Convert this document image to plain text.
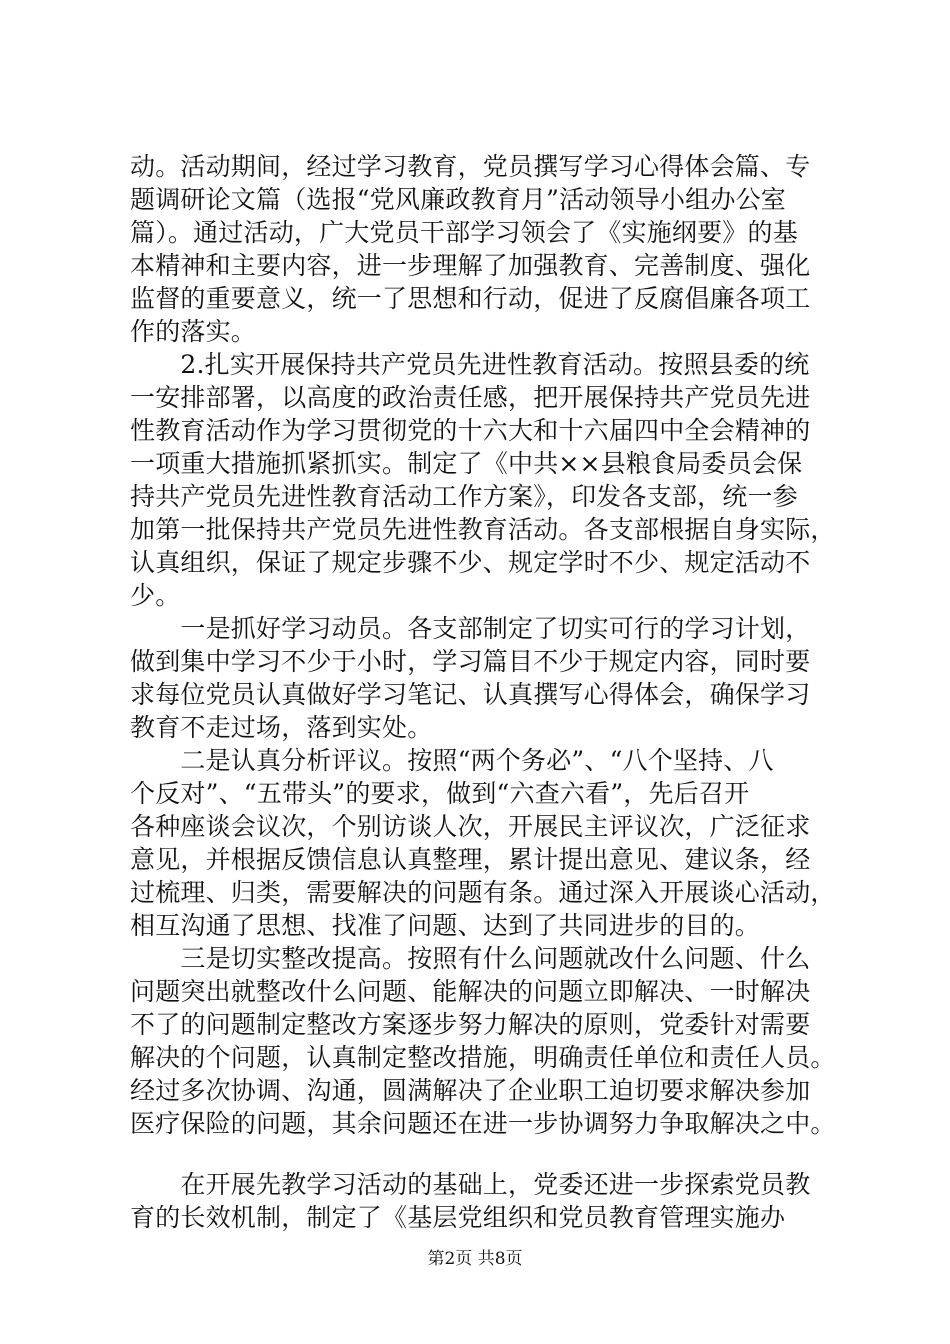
动。活动期间，经过学习教育，党员撰写学习心得体会篇、专
题调研论文篇（选报“党风廉政教育月”活动领导小组办公室
篇）。通过活动，广大党员干部学习领会了《实施纲要》的基
本精神和主要内容，进一步理解了加强教育、完善制度、强化
监督的重要意义，统一了思想和行动，促进了反腐倡廉各项工
作的落实。
　　2.扎实开展保持共产党员先进性教育活动。按照县委的统
一安排部署，以高度的政治责任感，把开展保持共产党员先进
性教育活动作为学习贯彻党的十六大和十六届四中全会精神的
一项重大措施抓紧抓实。制定了《中共××县粮食局委员会保
持共产党员先进性教育活动工作方案》，印发各支部，统一参
加第一批保持共产党员先进性教育活动。各支部根据自身实际，
认真组织，保证了规定步骤不少、规定学时不少、规定活动不
少。
　　一是抓好学习动员。各支部制定了切实可行的学习计划，
做到集中学习不少于小时，学习篇目不少于规定内容，同时要
求每位党员认真做好学习笔记、认真撰写心得体会，确保学习
教育不走过场，落到实处。
　　二是认真分析评议。按照“两个务必”、“八个坚持、八
个反对”、“五带头”的要求，做到“六查六看”，先后召开
各种座谈会议次，个别访谈人次，开展民主评议次，广泛征求
意见，并根据反馈信息认真整理，累计提出意见、建议条，经
过梳理、归类，需要解决的问题有条。通过深入开展谈心活动，
相互沟通了思想、找准了问题、达到了共同进步的目的。
　　三是切实整改提高。按照有什么问题就改什么问题、什么
问题突出就整改什么问题、能解决的问题立即解决、一时解决
不了的问题制定整改方案逐步努力解决的原则，党委针对需要
解决的个问题，认真制定整改措施，明确责任单位和责任人员。
经过多次协调、沟通，圆满解决了企业职工迫切要求解决参加
医疗保险的问题，其余问题还在进一步协调努力争取解决之中。
　　在开展先教学习活动的基础上，党委还进一步探索党员教
育的长效机制，制定了《基层党组织和党员教育管理实施办
第2页 共8页
